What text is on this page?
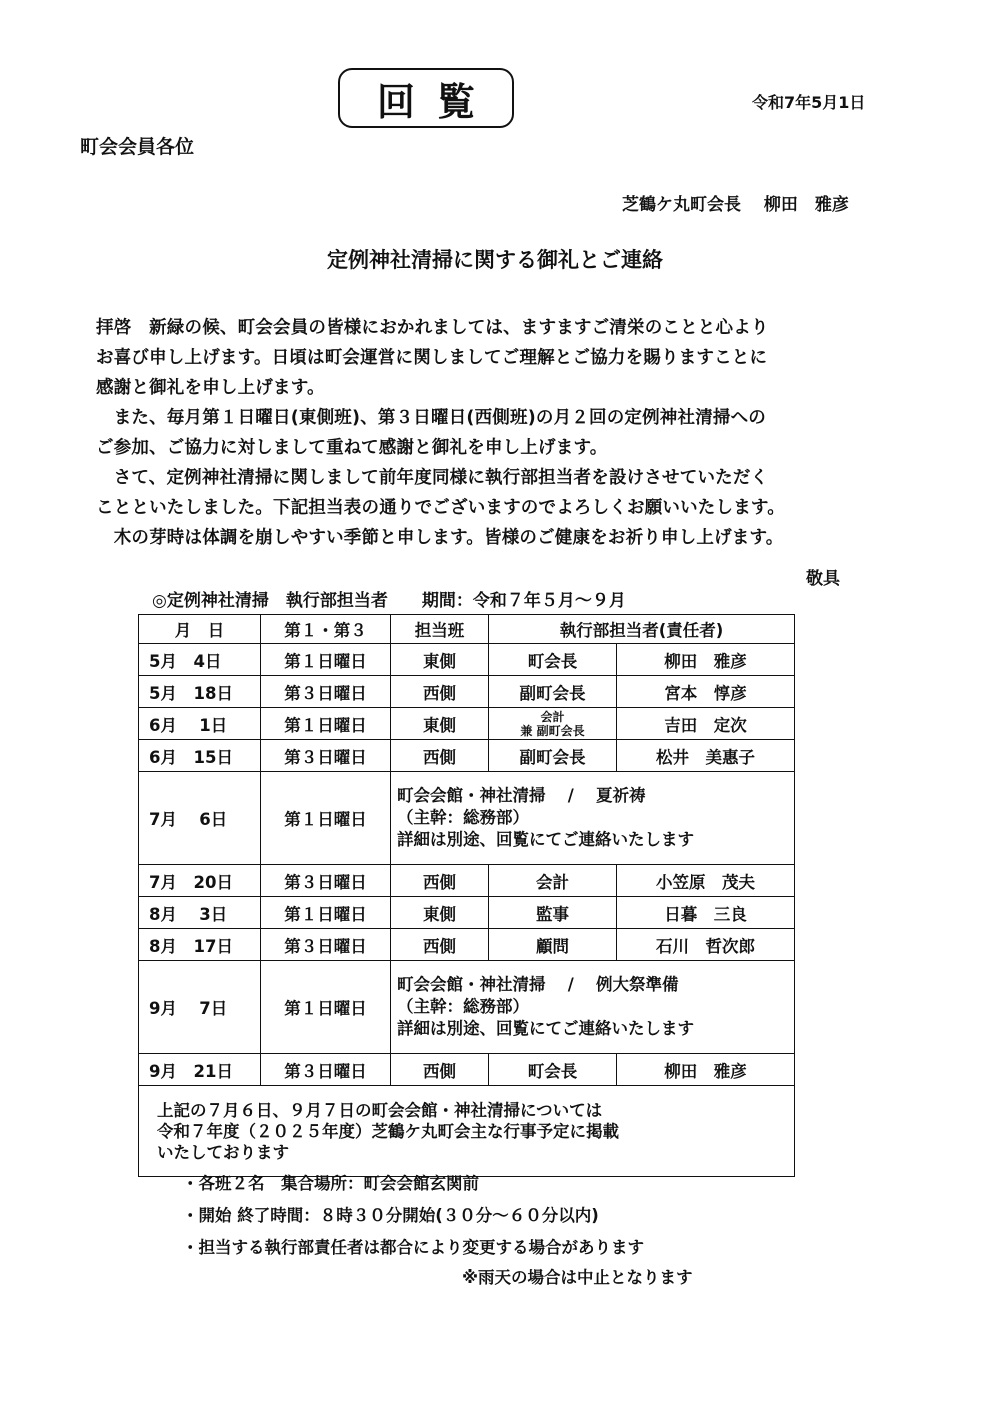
回覧	令和7年5月1日
町会会員各位
芝鶴ケ丸町会長　 柳田　雅彦
定例神社清掃に関する御礼とご連絡
拝啓　新緑の候、町会会員の皆様におかれましては、ますますご清栄のことと心より
お喜び申し上げます。日頃は町会運営に関しましてご理解とご協力を賜りますことに
感謝と御礼を申し上げます。
　また、毎月第１日曜日(東側班)、第３日曜日(西側班)の月２回の定例神社清掃への
ご参加、ご協力に対しまして重ねて感謝と御礼を申し上げます。
　さて、定例神社清掃に関しまして前年度同様に執行部担当者を設けさせていただく
ことといたしました。下記担当表の通りでございますのでよろしくお願いいたします。
　木の芽時は体調を崩しやすい季節と申します。皆様のご健康をお祈り申し上げます。
敬具
◎定例神社清掃　執行部担当者　　期間：令和７年５月～９月
月　日	第１・第３	担当班	執行部担当者(責任者)	
5月　4日	第１日曜日	東側	町会長	柳田　雅彦
5月　18日	第３日曜日	西側	副町会長	宮本　惇彦
6月　 1日	第１日曜日	東側	会計
兼 副町会長	吉田　定次
6月　15日	第３日曜日	西側	副町会長	松井　美惠子
7月　 6日	第１日曜日	町会会館・神社清掃　 /　 夏祈祷
（主幹：総務部）
詳細は別途、回覧にてご連絡いたします		

7月　20日	第３日曜日	西側	会計	小笠原　茂夫
8月　 3日	第１日曜日	東側	監事	日暮　三良
8月　17日	第３日曜日	西側	顧問	石川　哲次郎
9月　 7日	第１日曜日	町会会館・神社清掃　 /　 例大祭準備
（主幹：総務部）
詳細は別途、回覧にてご連絡いたします		

9月　21日	第３日曜日	西側	町会長	柳田　雅彦

上記の７月６日、９月７日の町会会館・神社清掃については
令和７年度（２０２５年度）芝鶴ケ丸町会主な行事予定に掲載
いたしております				
・各班２名　集合場所：町会会館玄関前
・開始 終了時間：８時３０分開始(３０分～６０分以内)
・担当する執行部責任者は都合により変更する場合があります
※雨天の場合は中止となります
